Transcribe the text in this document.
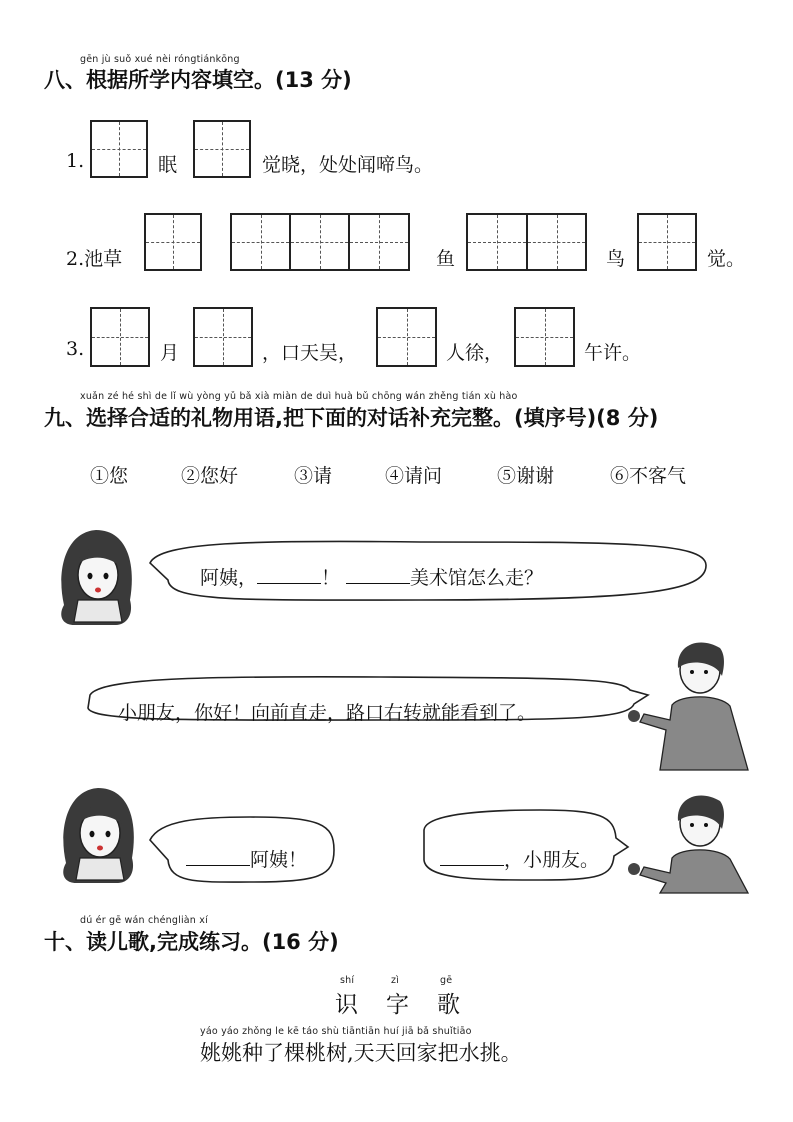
gēn jù suǒ xué nèi róngtiánkōng
八、根据所学内容填空。(13 分)
1.	眠	觉晓，处处闻啼鸟。
2.池草	鱼	鸟	觉。
3.	月	，口天吴，	人徐，	午许。
xuǎn zé hé shì de lǐ wù yòng yǔ bǎ xià miàn de duì huà bǔ chōng wán zhěng tián xù hào
九、选择合适的礼物用语,把下面的对话补充完整。(填序号)(8 分)
①您	②您好	③请	④请问	⑤谢谢	⑥不客气
阿姨，	！	美术馆怎么走？
小朋友，你好！向前直走，路口右转就能看到了。
阿姨！	，小朋友。
dú ér gē wán chéngliàn xí
十、读儿歌,完成练习。(16 分)
shí	zì	gē
识字歌
yáo yáo zhǒng le kē táo shù tiāntiān huí jiā bǎ shuǐtiāo
姚姚种了棵桃树,天天回家把水挑。
